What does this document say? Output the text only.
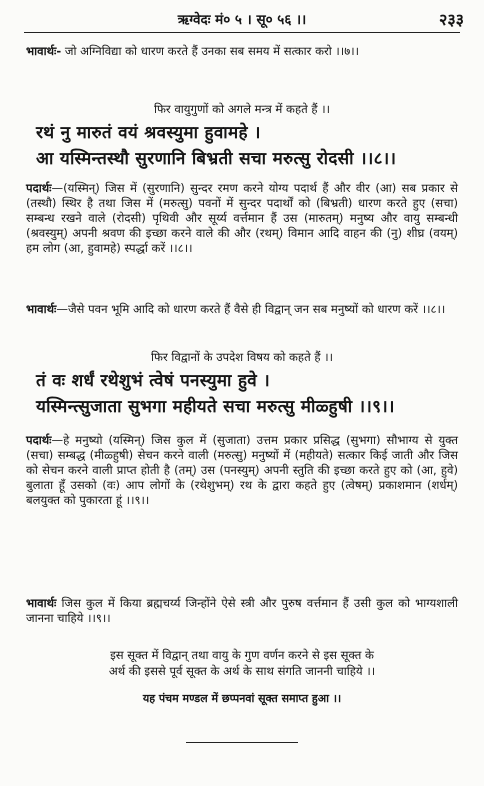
ऋग्वेदः मं० ५ । सू० ५६ ।।	२३३
भावार्थः- जो अग्निविद्या को धारण करते हैं उनका सब समय में सत्कार करो ।।७।।
फिर वायुगुणों को अगले मन्त्र में कहते हैं ।।
रथं नु मारुतं वयं श्रवस्युमा हुवामहे ।
आ यस्मिन्तस्थौ सुरणानि बिभ्रती सचा मरुत्सु रोदसी ।।८।।
पदार्थः—(यस्मिन्) जिस में (सुरणानि) सुन्दर रमण करने योग्य पदार्थ हैं और वीर (आ) सब प्रकार से (तस्थौ) स्थिर है तथा जिस में (मरुत्सु) पवनों में सुन्दर पदार्थों को (बिभ्रती) धारण करते हुए (सचा) सम्बन्ध रखने वाले (रोदसी) पृथिवी और सूर्य्य वर्त्तमान हैं उस (मारुतम्) मनुष्य और वायु सम्बन्धी (श्रवस्युम्) अपनी श्रवण की इच्छा करने वाले की और (रथम्) विमान आदि वाहन की (नु) शीघ्र (वयम्) हम लोग (आ, हुवामहे) स्पर्द्धा करें ।।८।।
भावार्थः—जैसे पवन भूमि आदि को धारण करते हैं वैसे ही विद्वान् जन सब मनुष्यों को धारण करें ।।८।।
फिर विद्वानों के उपदेश विषय को कहते हैं ।।
तं वः शर्धं रथेशुभं त्वेषं पनस्युमा हुवे ।
यस्मिन्त्सुजाता सुभगा महीयते सचा मरुत्सु मीळ्हुषी ।।९।।
पदार्थः—हे मनुष्यो (यस्मिन्) जिस कुल में (सुजाता) उत्तम प्रकार प्रसिद्ध (सुभगा) सौभाग्य से युक्त (सचा) सम्बद्ध (मीळ्हुषी) सेचन करने वाली (मरुत्सु) मनुष्यों में (महीयते) सत्कार किई जाती और जिस को सेचन करने वाली प्राप्त होती है (तम्) उस (पनस्युम्) अपनी स्तुति की इच्छा करते हुए को (आ, हुवे) बुलाता हूँ उसको (वः) आप लोगों के (रथेशुभम्) रथ के द्वारा कहते हुए (त्वेषम्) प्रकाशमान (शर्धम्) बलयुक्त को पुकारता हूं ।।९।।
भावार्थः जिस कुल में किया ब्रह्मचर्य्य जिन्होंने ऐसे स्त्री और पुरुष वर्त्तमान हैं उसी कुल को भाग्यशाली जानना चाहिये ।।९।।
इस सूक्त में विद्वान् तथा वायु के गुण वर्णन करने से इस सूक्त के
अर्थ की इससे पूर्व सूक्त के अर्थ के साथ संगति जाननी चाहिये ।।
यह पंचम मण्डल में छप्पनवां सूक्त समाप्त हुआ ।।
